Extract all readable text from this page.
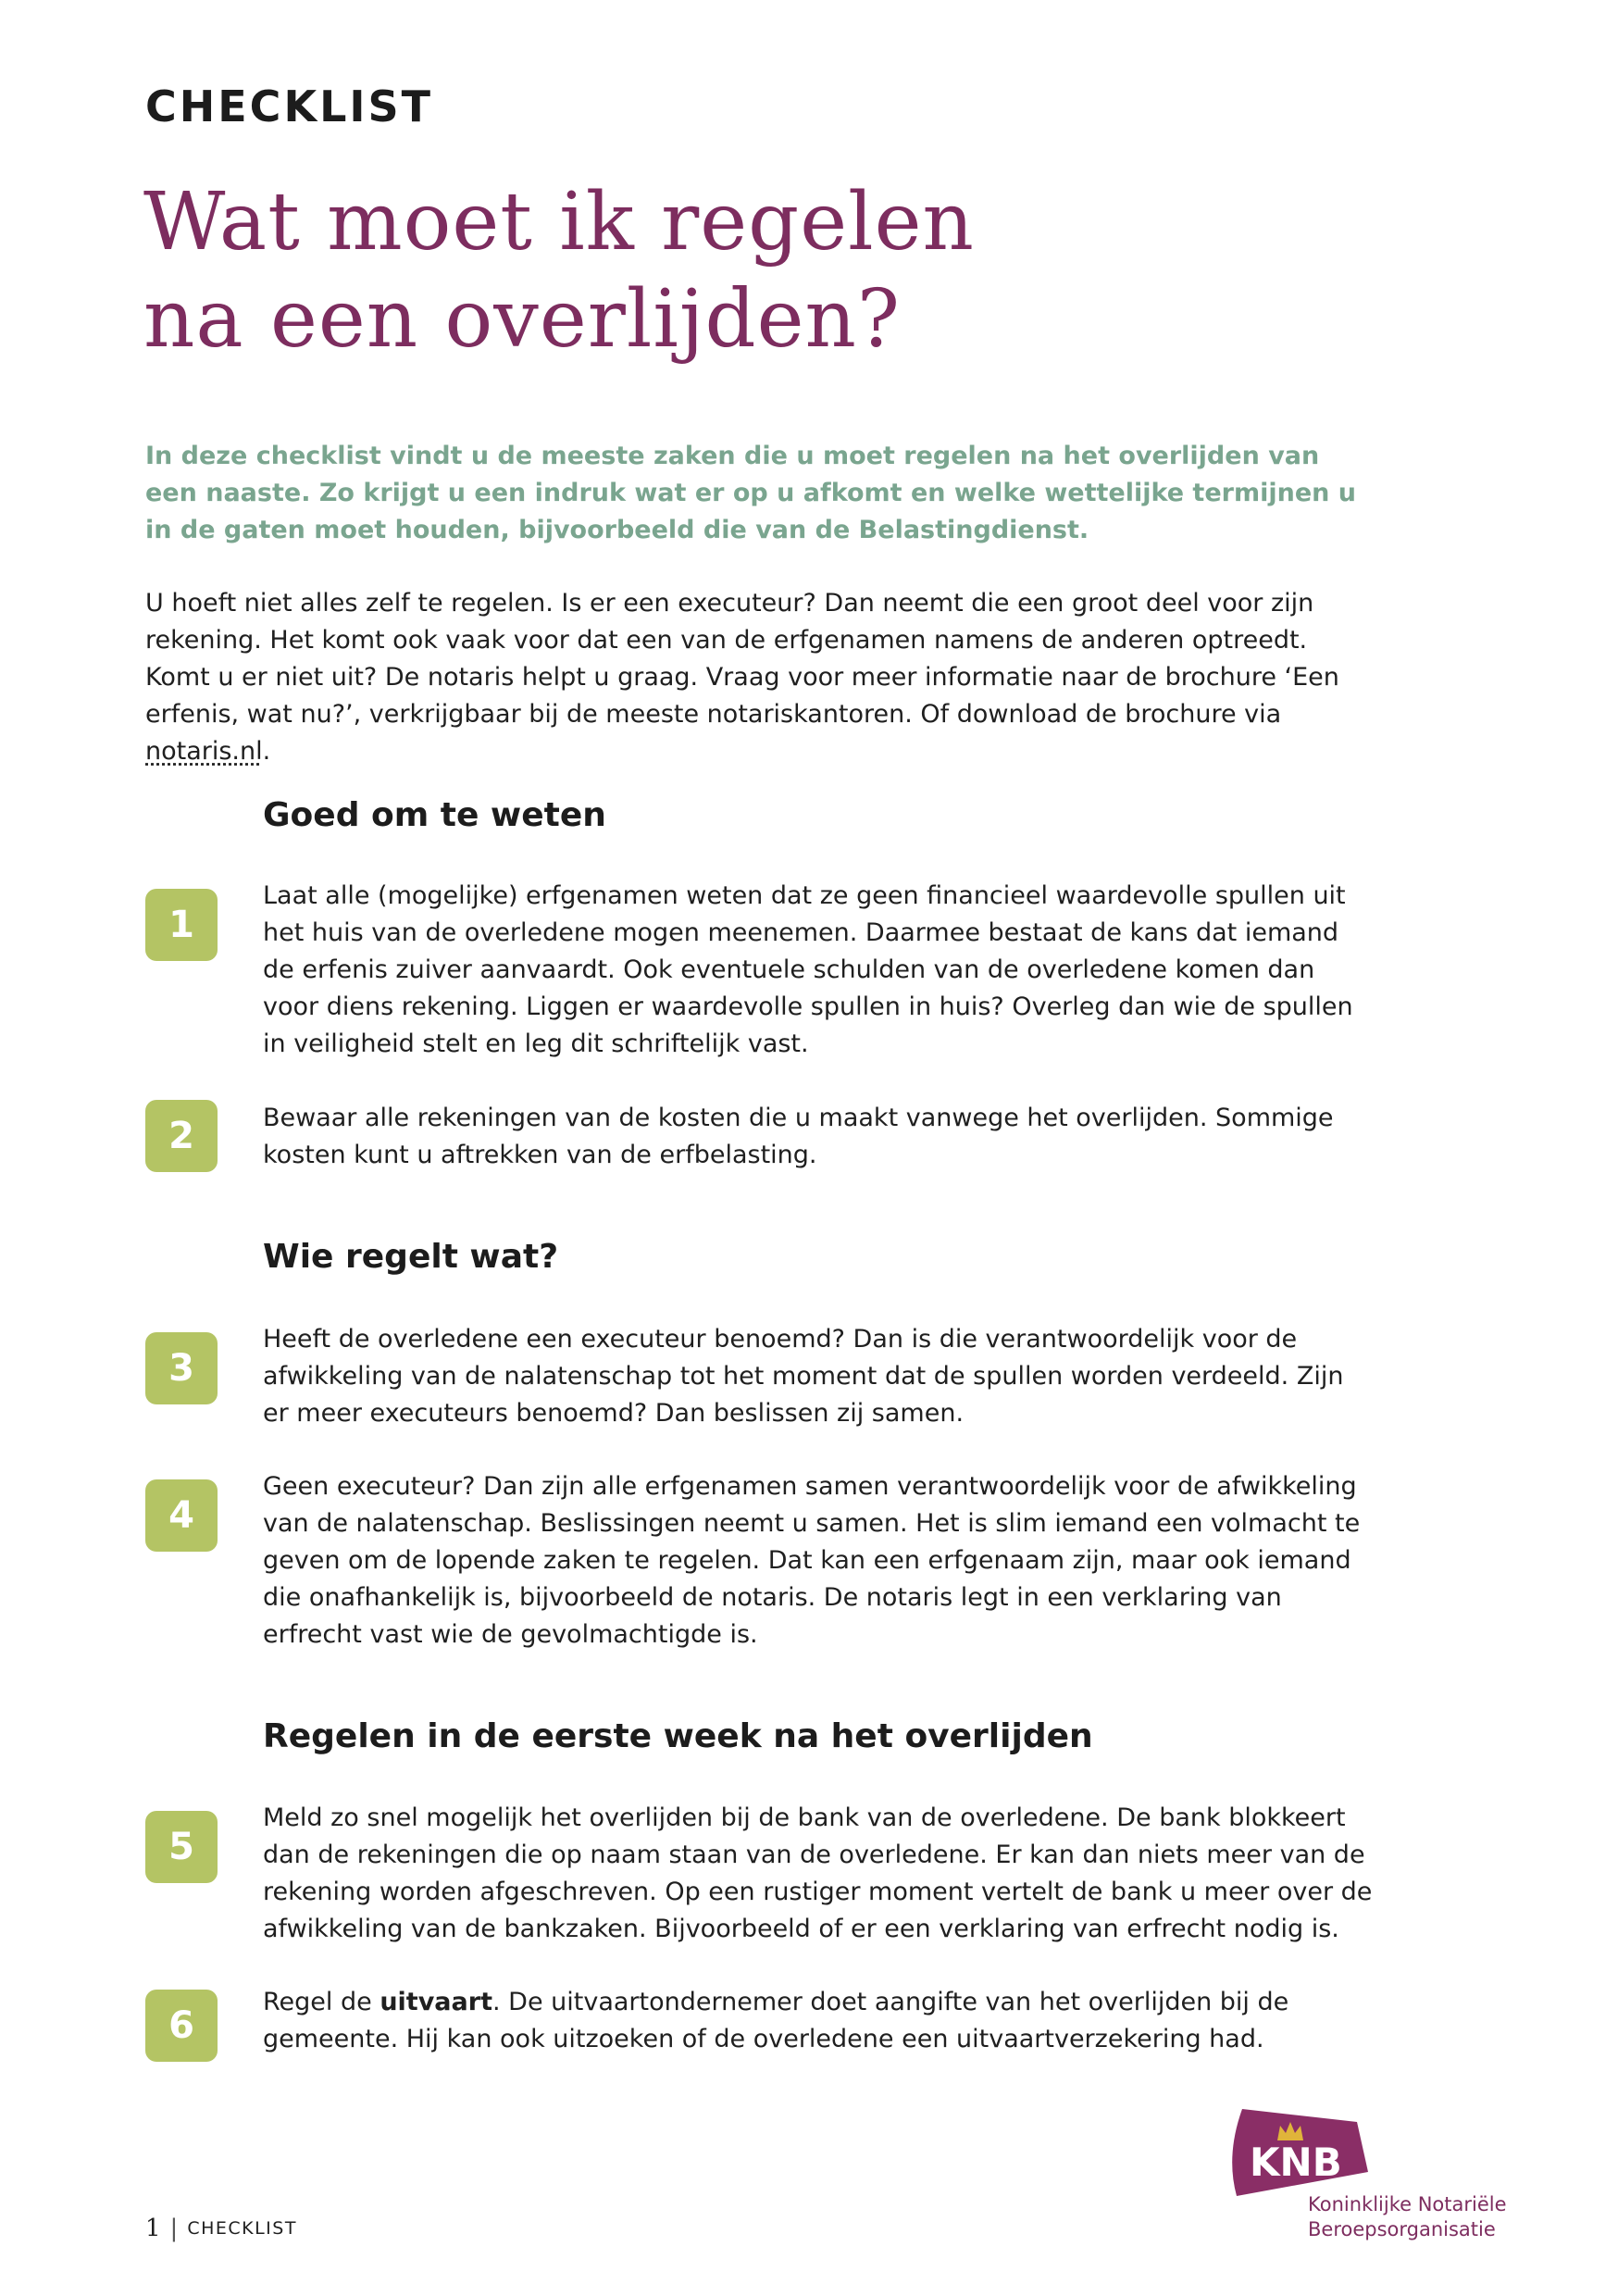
CHECKLIST
Wat moet ik regelen
na een overlijden?

In deze checklist vindt u de meeste zaken die u moet regelen na het overlijden van een naaste. Zo krijgt u een indruk wat er op u afkomt en welke wettelijke termijnen u in de gaten moet houden, bijvoorbeeld die van de Belastingdienst.

U hoeft niet alles zelf te regelen. Is er een executeur? Dan neemt die een groot deel voor zijn rekening. Het komt ook vaak voor dat een van de erfgenamen namens de anderen optreedt. Komt u er niet uit? De notaris helpt u graag. Vraag voor meer informatie naar de brochure ‘Een erfenis, wat nu?’, verkrijgbaar bij de meeste notariskantoren. Of download de brochure via notaris.nl.

Goed om te weten
1

Laat alle (mogelijke) erfgenamen weten dat ze geen financieel waardevolle spullen uit het huis van de overledene mogen meenemen. Daarmee bestaat de kans dat iemand de erfenis zuiver aanvaardt. Ook eventuele schulden van de overledene komen dan voor diens rekening. Liggen er waardevolle spullen in huis? Overleg dan wie de spullen in veiligheid stelt en leg dit schriftelijk vast.

2	Bewaar alle rekeningen van de kosten die u maakt vanwege het overlijden. Sommige kosten kunt u aftrekken van de erfbelasting.

Wie regelt wat?
3

Heeft de overledene een executeur benoemd? Dan is die verantwoordelijk voor de afwikkeling van de nalatenschap tot het moment dat de spullen worden verdeeld. Zijn er meer executeurs benoemd? Dan beslissen zij samen.

4

Geen executeur? Dan zijn alle erfgenamen samen verantwoordelijk voor de afwikkeling van de nalatenschap. Beslissingen neemt u samen. Het is slim iemand een volmacht te geven om de lopende zaken te regelen. Dat kan een erfgenaam zijn, maar ook iemand die onafhankelijk is, bijvoorbeeld de notaris. De notaris legt in een verklaring van erfrecht vast wie de gevolmachtigde is.

Regelen in de eerste week na het overlijden
5

Meld zo snel mogelijk het overlijden bij de bank van de overledene. De bank blokkeert dan de rekeningen die op naam staan van de overledene. Er kan dan niets meer van de rekening worden afgeschreven. Op een rustiger moment vertelt de bank u meer over de afwikkeling van de bankzaken. Bijvoorbeeld of er een verklaring van erfrecht nodig is.

6

Regel de uitvaart. De uitvaartondernemer doet aangifte van het overlijden bij de gemeente. Hij kan ook uitzoeken of de overledene een uitvaartverzekering had.

1 | CHECKLIST
KNB
Koninklijke Notariële
Beroepsorganisatie
